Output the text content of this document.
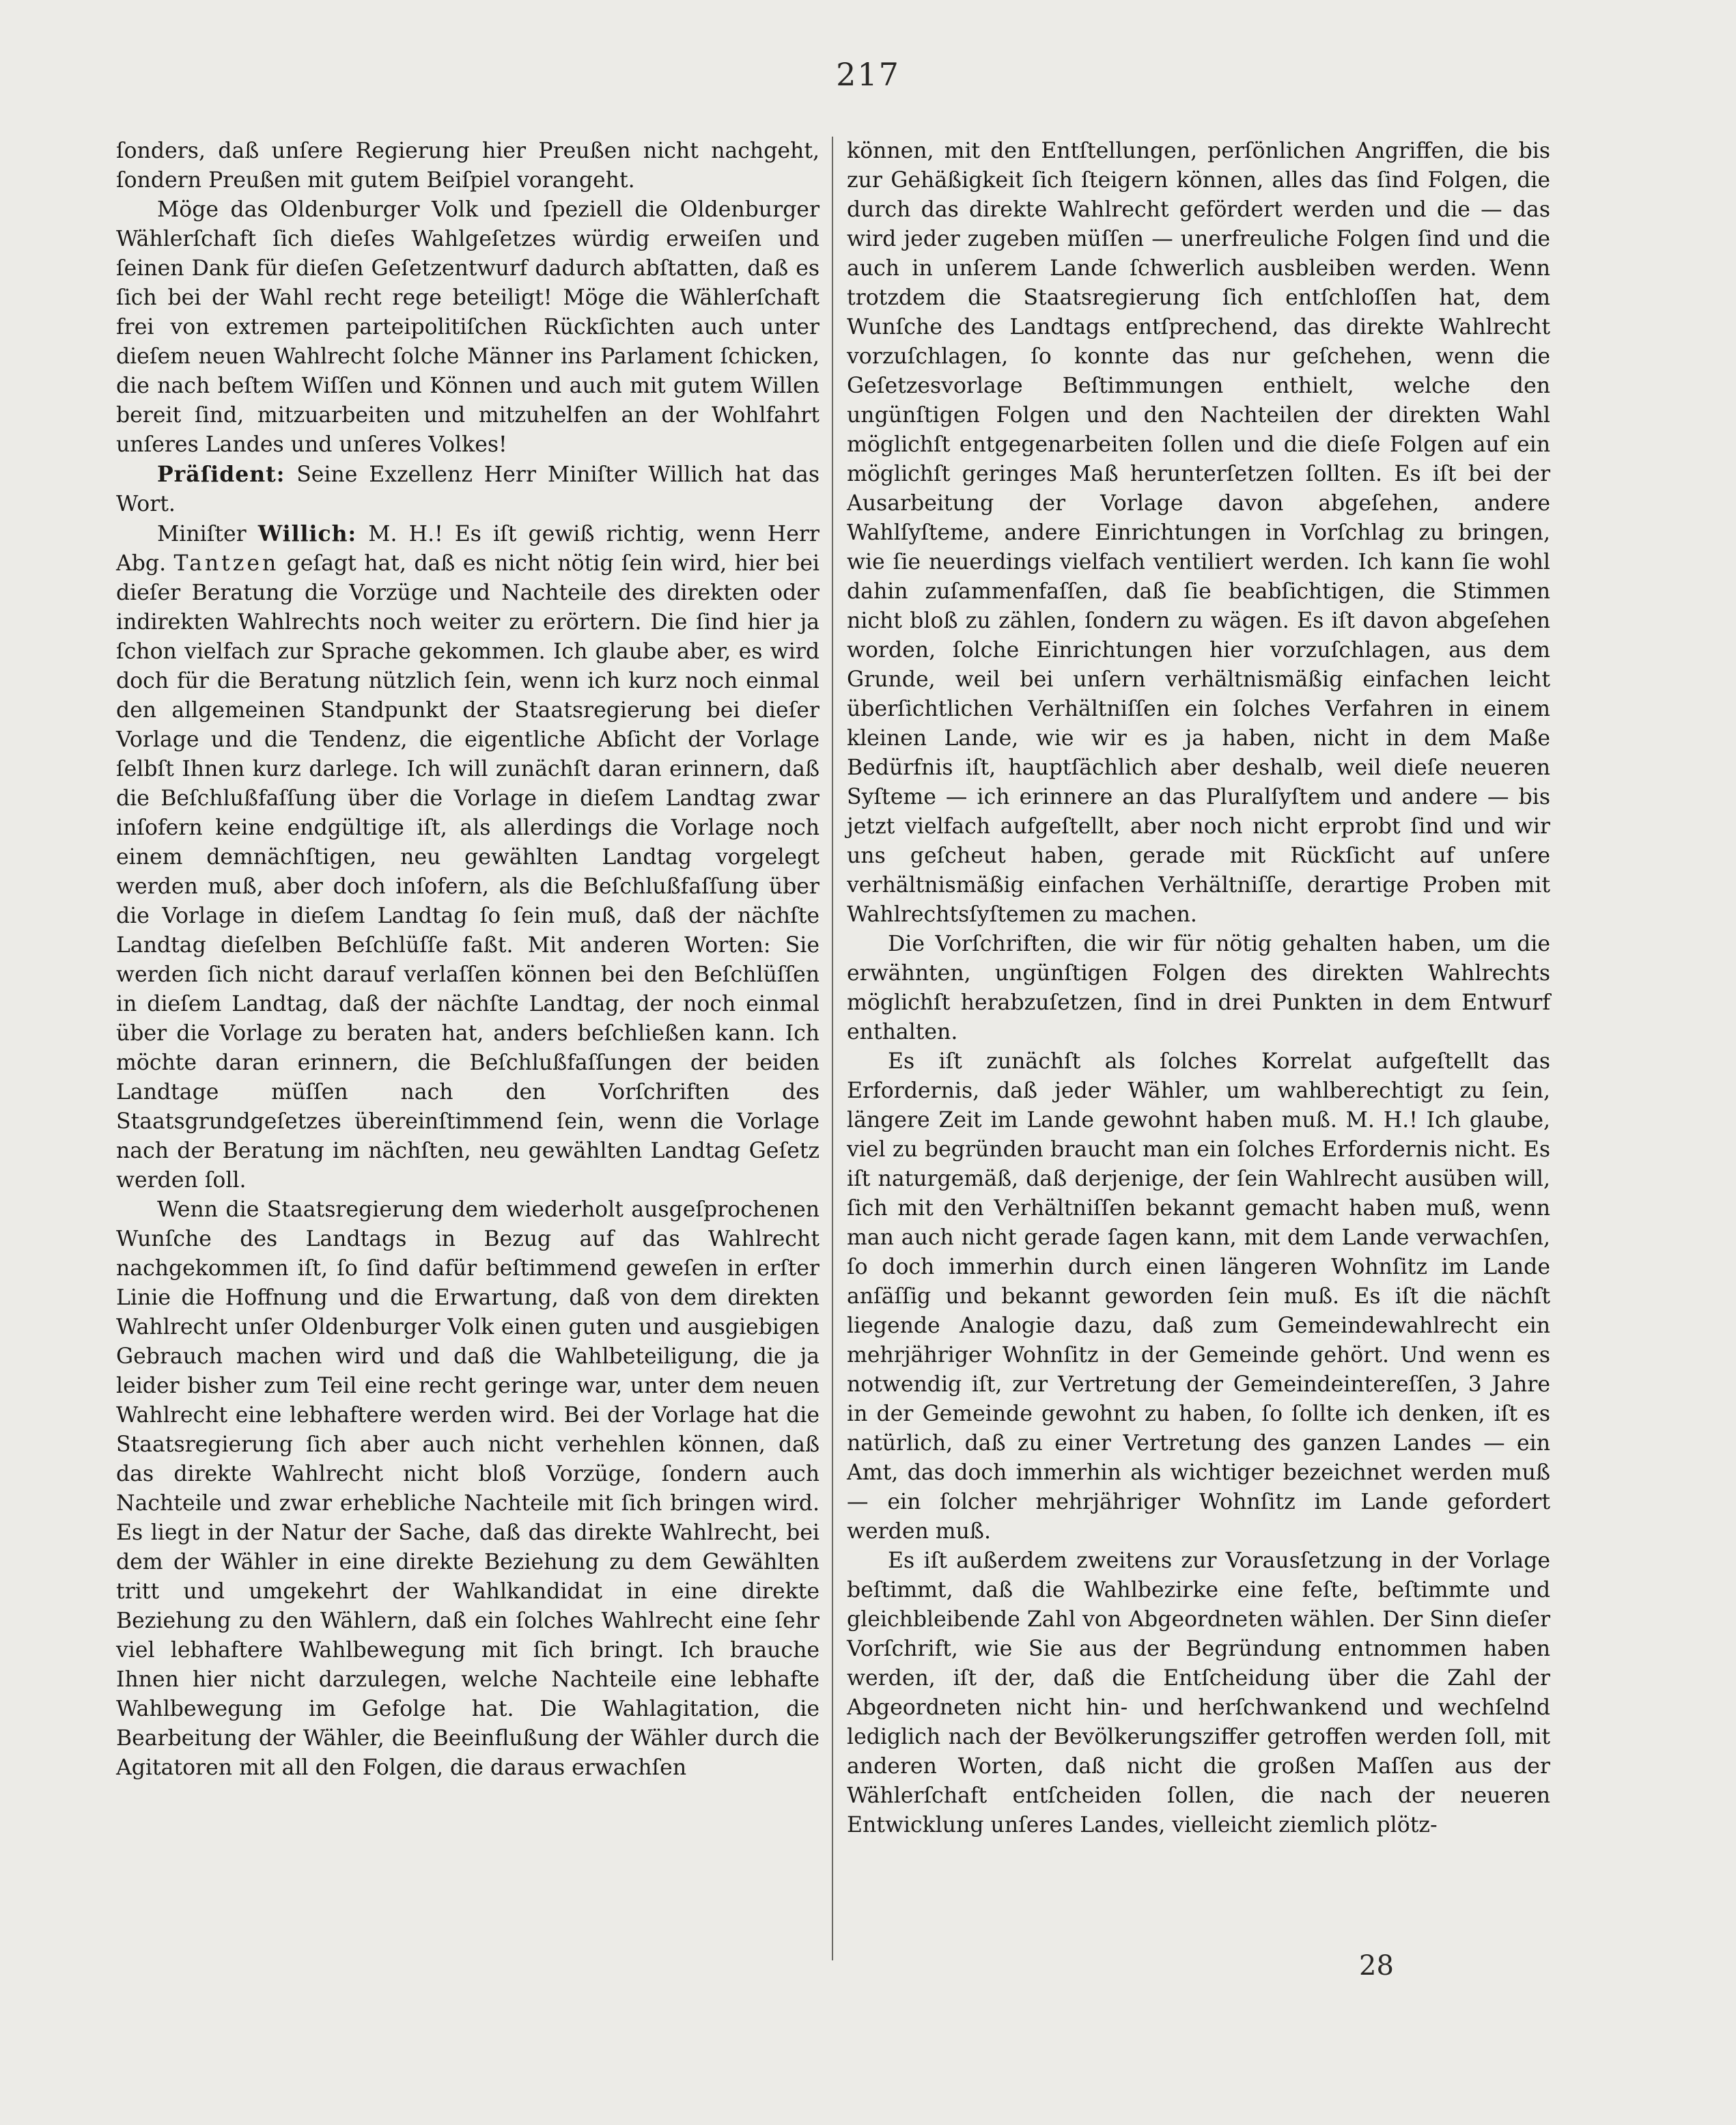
217

ſonders, daß unſere Regierung hier Preußen nicht nachgeht, ſondern Preußen mit gutem Beiſpiel vorangeht.

Möge das Oldenburger Volk und ſpeziell die Oldenburger Wählerſchaft ſich dieſes Wahlgeſetzes würdig erweiſen und ſeinen Dank für dieſen Geſetzentwurf dadurch abſtatten, daß es ſich bei der Wahl recht rege beteiligt! Möge die Wählerſchaft frei von extremen parteipolitiſchen Rückſichten auch unter dieſem neuen Wahlrecht ſolche Männer ins Parlament ſchicken, die nach beſtem Wiſſen und Können und auch mit gutem Willen bereit ſind, mitzuarbeiten und mitzuhelfen an der Wohlfahrt unſeres Landes und unſeres Volkes!

Präſident: Seine Exzellenz Herr Miniſter Willich hat das Wort.

Miniſter Willich: M. H.! Es iſt gewiß richtig, wenn Herr Abg. Tantzen geſagt hat, daß es nicht nötig ſein wird, hier bei dieſer Beratung die Vorzüge und Nachteile des direkten oder indirekten Wahlrechts noch weiter zu erörtern. Die ſind hier ja ſchon vielfach zur Sprache gekommen. Ich glaube aber, es wird doch für die Beratung nützlich ſein, wenn ich kurz noch einmal den allgemeinen Standpunkt der Staatsregierung bei dieſer Vorlage und die Tendenz, die eigentliche Abſicht der Vorlage ſelbſt Ihnen kurz darlege. Ich will zunächſt daran erinnern, daß die Beſchlußfaſſung über die Vorlage in dieſem Landtag zwar inſofern keine endgültige iſt, als allerdings die Vorlage noch einem demnächſtigen, neu gewählten Landtag vorgelegt werden muß, aber doch inſofern, als die Beſchlußfaſſung über die Vorlage in dieſem Landtag ſo ſein muß, daß der nächſte Landtag dieſelben Beſchlüſſe faßt. Mit anderen Worten: Sie werden ſich nicht darauf verlaſſen können bei den Beſchlüſſen in dieſem Landtag, daß der nächſte Landtag, der noch einmal über die Vorlage zu beraten hat, anders beſchließen kann. Ich möchte daran erinnern, die Beſchlußfaſſungen der beiden Landtage müſſen nach den Vorſchriften des Staatsgrundgeſetzes übereinſtimmend ſein, wenn die Vorlage nach der Beratung im nächſten, neu gewählten Landtag Geſetz werden ſoll.

Wenn die Staatsregierung dem wiederholt ausgeſprochenen Wunſche des Landtags in Bezug auf das Wahlrecht nachgekommen iſt, ſo ſind dafür beſtimmend geweſen in erſter Linie die Hoffnung und die Erwartung, daß von dem direkten Wahlrecht unſer Oldenburger Volk einen guten und ausgiebigen Gebrauch machen wird und daß die Wahlbeteiligung, die ja leider bisher zum Teil eine recht geringe war, unter dem neuen Wahlrecht eine lebhaftere werden wird. Bei der Vorlage hat die Staatsregierung ſich aber auch nicht verhehlen können, daß das direkte Wahlrecht nicht bloß Vorzüge, ſondern auch Nachteile und zwar erhebliche Nachteile mit ſich bringen wird. Es liegt in der Natur der Sache, daß das direkte Wahlrecht, bei dem der Wähler in eine direkte Beziehung zu dem Gewählten tritt und umgekehrt der Wahlkandidat in eine direkte Beziehung zu den Wählern, daß ein ſolches Wahlrecht eine ſehr viel lebhaftere Wahlbewegung mit ſich bringt. Ich brauche Ihnen hier nicht darzulegen, welche Nachteile eine lebhafte Wahlbewegung im Gefolge hat. Die Wahlagitation, die Bearbeitung der Wähler, die Beeinflußung der Wähler durch die Agitatoren mit all den Folgen, die daraus erwachſen

können, mit den Entſtellungen, perſönlichen Angriffen, die bis zur Gehäßigkeit ſich ſteigern können, alles das ſind Folgen, die durch das direkte Wahlrecht gefördert werden und die — das wird jeder zugeben müſſen — unerfreuliche Folgen ſind und die auch in unſerem Lande ſchwerlich ausbleiben werden. Wenn trotzdem die Staatsregierung ſich entſchloſſen hat, dem Wunſche des Landtags entſprechend, das direkte Wahlrecht vorzuſchlagen, ſo konnte das nur geſchehen, wenn die Geſetzesvorlage Beſtimmungen enthielt, welche den ungünſtigen Folgen und den Nachteilen der direkten Wahl möglichſt entgegenarbeiten ſollen und die dieſe Folgen auf ein möglichſt geringes Maß herunterſetzen ſollten. Es iſt bei der Ausarbeitung der Vorlage davon abgeſehen, andere Wahlſyſteme, andere Einrichtungen in Vorſchlag zu bringen, wie ſie neuerdings vielfach ventiliert werden. Ich kann ſie wohl dahin zuſammenfaſſen, daß ſie beabſichtigen, die Stimmen nicht bloß zu zählen, ſondern zu wägen. Es iſt davon abgeſehen worden, ſolche Einrichtungen hier vorzuſchlagen, aus dem Grunde, weil bei unſern verhältnismäßig einfachen leicht überſichtlichen Verhältniſſen ein ſolches Verfahren in einem kleinen Lande, wie wir es ja haben, nicht in dem Maße Bedürfnis iſt, hauptſächlich aber deshalb, weil dieſe neueren Syſteme — ich erinnere an das Pluralſyſtem und andere — bis jetzt vielfach aufgeſtellt, aber noch nicht erprobt ſind und wir uns geſcheut haben, gerade mit Rückſicht auf unſere verhältnismäßig einfachen Verhältniſſe, derartige Proben mit Wahlrechtsſyſtemen zu machen.

Die Vorſchriften, die wir für nötig gehalten haben, um die erwähnten, ungünſtigen Folgen des direkten Wahlrechts möglichſt herabzuſetzen, ſind in drei Punkten in dem Entwurf enthalten.

Es iſt zunächſt als ſolches Korrelat aufgeſtellt das Erfordernis, daß jeder Wähler, um wahlberechtigt zu ſein, längere Zeit im Lande gewohnt haben muß. M. H.! Ich glaube, viel zu begründen braucht man ein ſolches Erfordernis nicht. Es iſt naturgemäß, daß derjenige, der ſein Wahlrecht ausüben will, ſich mit den Verhältniſſen bekannt gemacht haben muß, wenn man auch nicht gerade ſagen kann, mit dem Lande verwachſen, ſo doch immerhin durch einen längeren Wohnſitz im Lande anſäſſig und bekannt geworden ſein muß. Es iſt die nächſt liegende Analogie dazu, daß zum Gemeindewahlrecht ein mehrjähriger Wohnſitz in der Gemeinde gehört. Und wenn es notwendig iſt, zur Vertretung der Gemeindeintereſſen, 3 Jahre in der Gemeinde gewohnt zu haben, ſo ſollte ich denken, iſt es natürlich, daß zu einer Vertretung des ganzen Landes — ein Amt, das doch immerhin als wichtiger bezeichnet werden muß — ein ſolcher mehrjähriger Wohnſitz im Lande gefordert werden muß.

Es iſt außerdem zweitens zur Vorausſetzung in der Vorlage beſtimmt, daß die Wahlbezirke eine feſte, beſtimmte und gleichbleibende Zahl von Abgeordneten wählen. Der Sinn dieſer Vorſchrift, wie Sie aus der Begründung entnommen haben werden, iſt der, daß die Entſcheidung über die Zahl der Abgeordneten nicht hin- und herſchwankend und wechſelnd lediglich nach der Bevölkerungsziffer getroffen werden ſoll, mit anderen Worten, daß nicht die großen Maſſen aus der Wählerſchaft entſcheiden ſollen, die nach der neueren Entwicklung unſeres Landes, vielleicht ziemlich plötz-

28
